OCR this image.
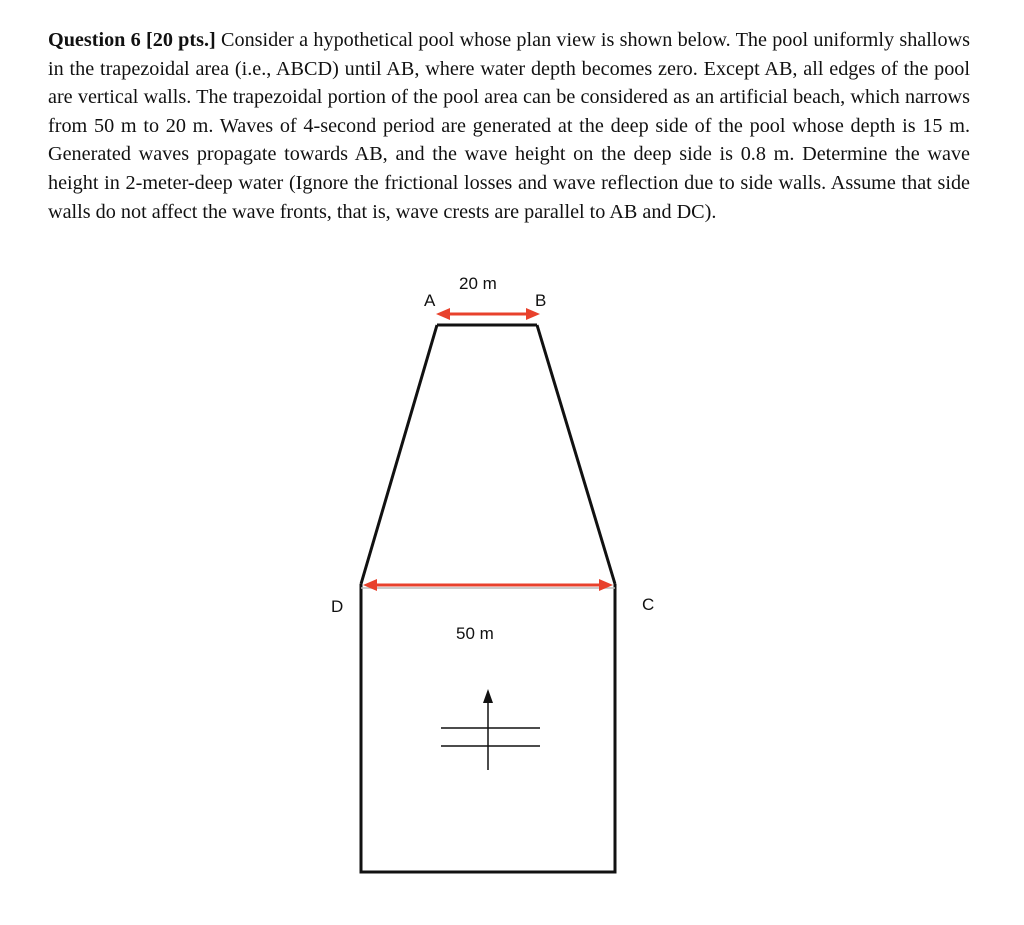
Question 6 [20 pts.] Consider a hypothetical pool whose plan view is shown below. The pool uniformly shallows in the trapezoidal area (i.e., ABCD) until AB, where water depth becomes zero. Except AB, all edges of the pool are vertical walls. The trapezoidal portion of the pool area can be considered as an artificial beach, which narrows from 50 m to 20 m. Waves of 4-second period are generated at the deep side of the pool whose depth is 15 m. Generated waves propagate towards AB, and the wave height on the deep side is 0.8 m. Determine the wave height in 2-meter-deep water (Ignore the frictional losses and wave reflection due to side walls. Assume that side walls do not affect the wave fronts, that is, wave crests are parallel to AB and DC).

A	B
D	C
20 m
50 m
